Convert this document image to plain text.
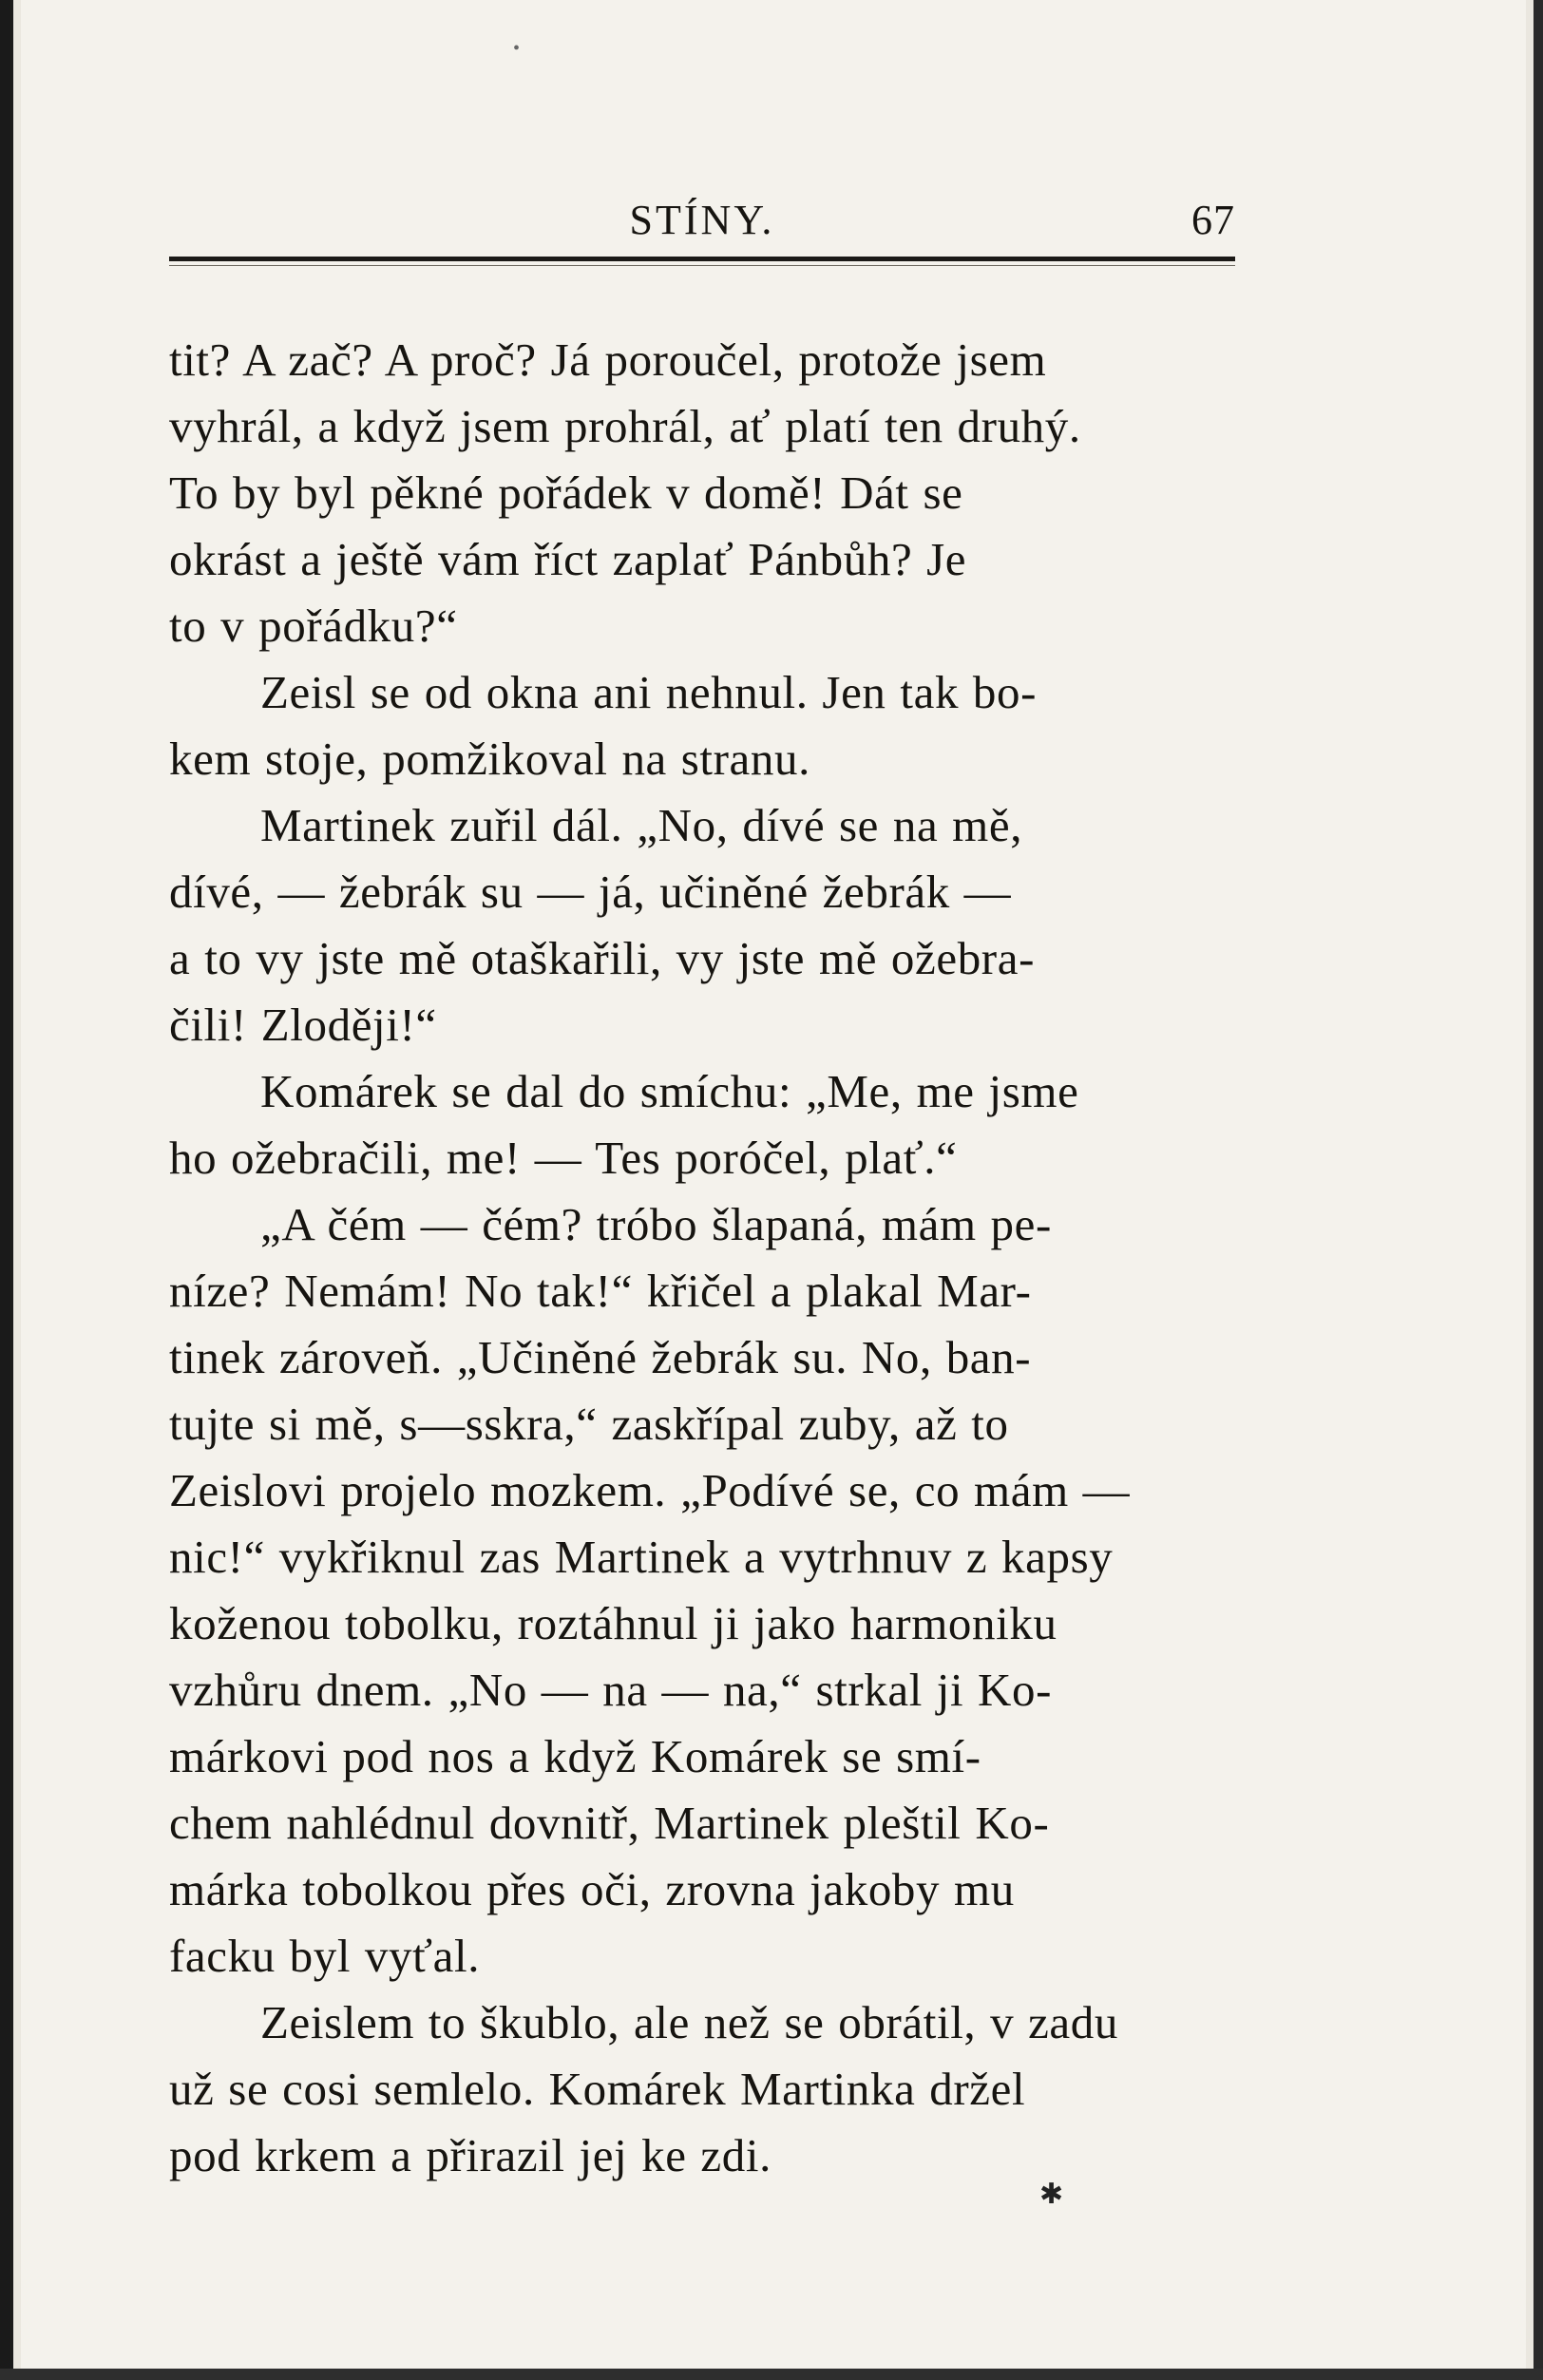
STÍNY.	67
tit? A zač? A proč? Já poroučel, protože jsem
vyhrál, a když jsem prohrál, ať platí ten druhý.
To by byl pěkné pořádek v domě! Dát se
okrást a ještě vám říct zaplať Pánbůh? Je
to v pořádku?“
Zeisl se od okna ani nehnul. Jen tak bo-
kem stoje, pomžikoval na stranu.
Martinek zuřil dál. „No, dívé se na mě,
dívé, — žebrák su — já, učiněné žebrák —
a to vy jste mě otaškařili, vy jste mě ožebra-
čili! Zloději!“
Komárek se dal do smíchu: „Me, me jsme
ho ožebračili, me! — Tes poróčel, plať.“
„A čém — čém? tróbo šlapaná, mám pe-
níze? Nemám! No tak!“ křičel a plakal Mar-
tinek zároveň. „Učiněné žebrák su. No, ban-
tujte si mě, s—sskra,“ zaskřípal zuby, až to
Zeislovi projelo mozkem. „Podívé se, co mám —
nic!“ vykřiknul zas Martinek a vytrhnuv z kapsy
koženou tobolku, roztáhnul ji jako harmoniku
vzhůru dnem. „No — na — na,“ strkal ji Ko-
márkovi pod nos a když Komárek se smí-
chem nahlédnul dovnitř, Martinek pleštil Ko-
márka tobolkou přes oči, zrovna jakoby mu
facku byl vyťal.
Zeislem to škublo, ale než se obrátil, v zadu
už se cosi semlelo. Komárek Martinka držel
pod krkem a přirazil jej ke zdi.
✱
•
